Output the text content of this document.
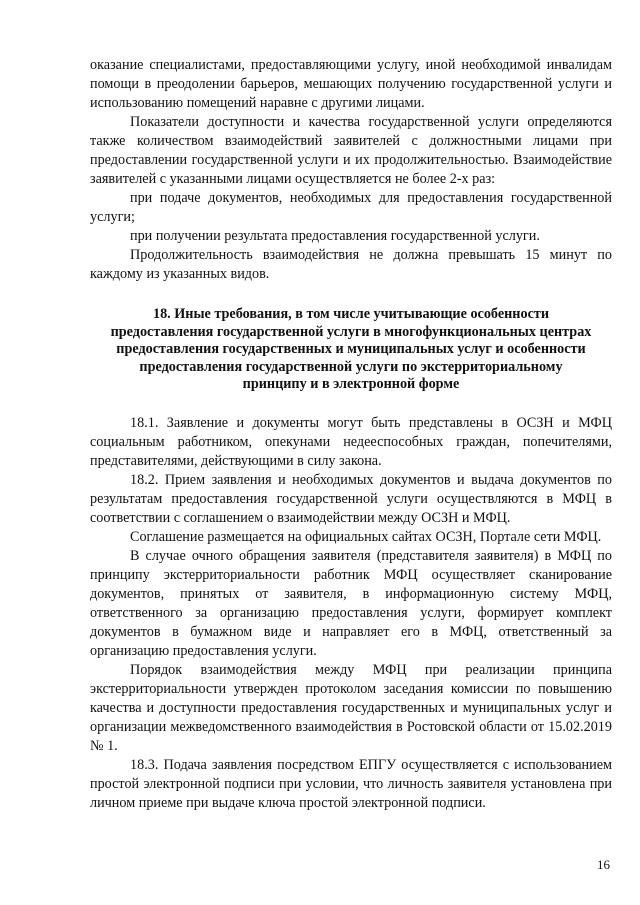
оказание специалистами, предоставляющими услугу, иной необходимой инвалидам помощи в преодолении барьеров, мешающих получению государственной услуги и использованию помещений наравне с другими лицами.

Показатели доступности и качества государственной услуги определяются также количеством взаимодействий заявителей с должностными лицами при предоставлении государственной услуги и их продолжительностью. Взаимодействие заявителей с указанными лицами осуществляется не более 2-х раз:

при подаче документов, необходимых для предоставления государственной услуги;

при получении результата предоставления государственной услуги.

Продолжительность взаимодействия не должна превышать 15 минут по каждому из указанных видов.

18. Иные требования, в том числе учитывающие особенности
предоставления государственной услуги в многофункциональных центрах
предоставления государственных и муниципальных услуг и особенности
предоставления государственной услуги по экстерриториальному
принципу и в электронной форме

18.1. Заявление и документы могут быть представлены в ОСЗН и МФЦ социальным работником, опекунами недееспособных граждан, попечителями, представителями, действующими в силу закона.

18.2. Прием заявления и необходимых документов и выдача документов по результатам предоставления государственной услуги осуществляются в МФЦ в соответствии с соглашением о взаимодействии между ОСЗН и МФЦ.

Соглашение размещается на официальных сайтах ОСЗН, Портале сети МФЦ.

В случае очного обращения заявителя (представителя заявителя) в МФЦ по принципу экстерриториальности работник МФЦ осуществляет сканирование документов, принятых от заявителя, в информационную систему МФЦ, ответственного за организацию предоставления услуги, формирует комплект документов в бумажном виде и направляет его в МФЦ, ответственный за организацию предоставления услуги.

Порядок взаимодействия между МФЦ при реализации принципа экстерриториальности утвержден протоколом заседания комиссии по повышению качества и доступности предоставления государственных и муниципальных услуг и организации межведомственного взаимодействия в Ростовской области от 15.02.2019 № 1.

18.3. Подача заявления посредством ЕПГУ осуществляется с использованием простой электронной подписи при условии, что личность заявителя установлена при личном приеме при выдаче ключа простой электронной подписи.

16
